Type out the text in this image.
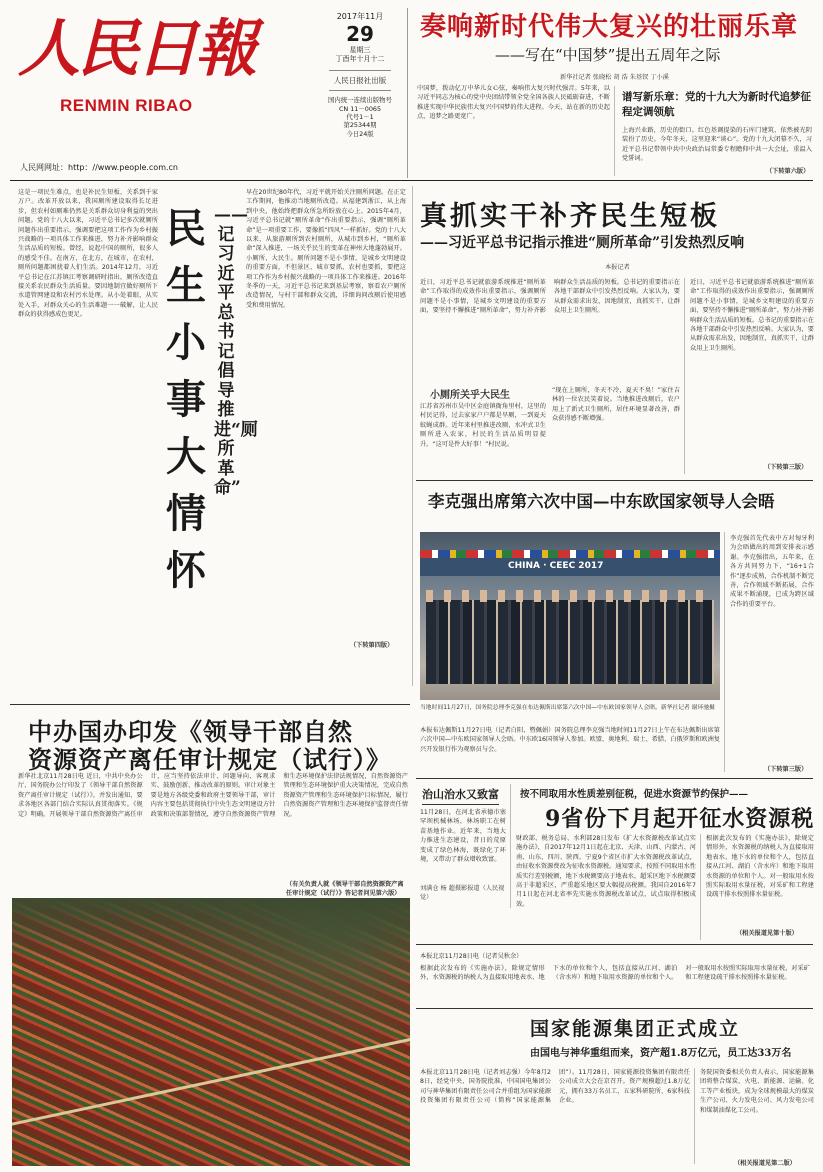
人民日報
RENMIN RIBAO
2017年11月
29
星期三
丁酉年十月十二
人民日报社出版
国内统一连续出版物号
CN 11－0065
代号1－1
第25344期
今日24版
人民网网址：http：//www.people.com.cn
奏响新时代伟大复兴的壮丽乐章
——写在“中国梦”提出五周年之际
新华社记者 张晓松 胡 浩 朱基钗 丁小溪
中国梦，拨动亿万中华儿女心弦，奏响伟大复兴时代强音。5年来，以习近平同志为核心的党中央团结带领全党全国各族人民砥砺奋进，不断推进实现中华民族伟大复兴中国梦的伟大进程。今天，站在新的历史起点，追梦之路更宽广。
谱写新乐章：党的十九大为新时代追梦征程定调领航
上海兴业路，历史的街口。红色基调提染的石库门建筑，依然被光阴装扮了历史。今年冬天，这里迎来“谈心”。党的十九大闭幕不久，习近平总书记带领中共中央政治局常委专程瞻仰中共一大会址，重温入党誓词。
（下转第六版）
这是一项民生难点，也是补民生短板，关系到千家万户。改革开放以来，我国厕所建设取得长足进步，但农村如厕难仍然是关系群众切身利益的突出问题。党的十八大以来，习近平总书记多次就厕所问题作出重要指示，强调要把这项工作作为乡村振兴战略的一项具体工作来推进，努力补齐影响群众生活品质的短板。曾经，说起中国的厕所，很多人的感受不佳。在南方，在北方，在城市，在农村，厕所问题都困扰着人们生活。2014年12月，习近平总书记在江苏镇江考察调研时指出，厕所改造直接关系农民群众生活质量。要因地制宜做好厕所下水道管网建设和农村污水处理。从小处着眼，从实处入手，对群众关心的生活难题一一破解，让人民群众的获得感成色更足。
民生小事大情怀
——记习近平总书记倡导推进“厕所革命”
早在20世纪80年代，习近平就开始关注厕所问题。在正定工作期间，他推动当地厕所改造。从福建到浙江，从上海到中央，他始终把群众所急所盼放在心上。2015年4月，习近平总书记就“厕所革命”作出重要指示，强调“厕所革命”是一项重要工作，要像抓“四风”一样抓好。党的十八大以来，从旅游厕所到农村厕所，从城市到乡村，“厕所革命”深入推进，一场关乎民生的变革在神州大地蓬勃展开。小厕所，大民生。厕所问题不是小事情，是城乡文明建设的重要方面，不但景区、城市要抓，农村也要抓，要把这项工作作为乡村振兴战略的一项具体工作来推进。2016年冬季的一天，习近平总书记来到基层考察，察看农户厕所改造情况，与村干部和群众交流，详细询问改厕后使用感受和费用情况。
（下转第四版）
真抓实干补齐民生短板
——习近平总书记指示推进“厕所革命”引发热烈反响
本报记者
近日，习近平总书记就旅游系统推进“厕所革命”工作取得的成效作出重要指示，强调厕所问题不是小事情，是城乡文明建设的重要方面，要坚持不懈推进“厕所革命”，努力补齐影响群众生活品质的短板。总书记的重要指示在各地干部群众中引发热烈反响。大家认为，要从群众需求出发，因地制宜，真抓实干，让群众用上卫生厕所。
小厕所关乎大民生
江苏省苏州市吴中区金庭镇衙角里村，这里的村民记得，过去家家户户都是旱厕，一到夏天蚊蝇成群。近年来村里推进改厕，水冲式卫生厕所进入农家，村民的生活品质明显提升。“这可是件大好事！”村民说。
“现在上厕所，冬天不冷，夏天不臭！”家住吉林的一位农民笑着说。当地推进改厕后，农户用上了新式卫生厕所，居住环境显著改善，群众获得感不断增强。
近日，习近平总书记就旅游系统推进“厕所革命”工作取得的成效作出重要指示，强调厕所问题不是小事情，是城乡文明建设的重要方面，要坚持不懈推进“厕所革命”，努力补齐影响群众生活品质的短板。总书记的重要指示在各地干部群众中引发热烈反响。大家认为，要从群众需求出发，因地制宜，真抓实干，让群众用上卫生厕所。
（下转第三版）
李克强出席第六次中国—中东欧国家领导人会晤
CHINA · CEEC 2017
当地时间11月27日，国务院总理李克强在布达佩斯出席第六次中国—中东欧国家领导人会晤。新华社记者 谢环驰摄
本报布达佩斯11月27日电（记者白阳、暨佩娟）国务院总理李克强当地时间11月27日上午在布达佩斯出席第六次中国—中东欧国家领导人会晤。中东欧16国领导人参加。欧盟、奥地利、瑞士、希腊、白俄罗斯和欧洲复兴开发银行作为观察员与会。
李克强首先代表中方对匈牙利为会晤做出的周到安排表示感谢。李克强指出，五年来，在各方共同努力下，“16+1合作”逐步成熟，合作机制不断完善，合作领域不断拓展，合作成果不断涌现，已成为跨区域合作的重要平台。
（下转第三版）
中办国办印发《领导干部自然
资源资产离任审计规定（试行）》
新华社北京11月28日电 近日，中共中央办公厅、国务院办公厅印发了《领导干部自然资源资产离任审计规定（试行）》，并发出通知，要求各地区各部门结合实际认真贯彻落实。《规定》明确，开展领导干部自然资源资产离任审计，应当坚持依法审计、问题导向、客观求实、鼓励创新、推动改革的原则。审计对象主要是地方各级党委和政府主要领导干部，审计内容主要包括贯彻执行中央生态文明建设方针政策和决策部署情况，遵守自然资源资产管理和生态环境保护法律法规情况，自然资源资产管理和生态环境保护重大决策情况，完成自然资源资产管理和生态环境保护目标情况，履行自然资源资产管理和生态环境保护监督责任情况。
（有关负责人就《领导干部自然资源资产离任审计规定（试行）》答记者问见第六版）
治山治水又致富 按不同取用水性质差别征税，促进水资源节约保护——
9省份下月起开征水资源税
11月28日，在河北省承德市塞罕坝机械林场，林场职工在树苗基地作业。近年来，当地大力推进生态建设，昔日的荒原变成了绿色林海，既绿化了环境，又带动了群众增收致富。
刘满仓 杨 超摄影报道（人民视觉）
财政部、税务总局、水利部28日发布《扩大水资源税改革试点实施办法》，自2017年12月1日起在北京、天津、山西、内蒙古、河南、山东、四川、陕西、宁夏9个省区市扩大水资源税改革试点，由征收水资源费改为征收水资源税。通知要求，按照不同取用水性质实行差别税额，地下水税额要高于地表水，超采区地下水税额要高于非超采区，严重超采地区要大幅提高税额。我国自2016年7月1日起在河北省率先实施水资源税改革试点，试点取得积极成效。
根据此次发布的《实施办法》，除规定情形外，水资源税的纳税人为直接取用地表水、地下水的单位和个人，包括直接从江河、湖泊（含水库）和地下取用水资源的单位和个人。对一般取用水按照实际取用水量征税，对采矿和工程建设疏干排水按照排水量征税。
（相关报道见第十版）
国家能源集团正式成立
由国电与神华重组而来，资产超1.8万亿元，员工达33万名
本报北京11月28日电（记者刘志强）今年8月28日，经党中央、国务院批准，中国国电集团公司与神华集团有限责任公司合并重组为国家能源投资集团有限责任公司（简称“国家能源集团”）。11月28日，国家能源投资集团有限责任公司成立大会在京召开。资产规模超过1.8万亿元，拥有33万名员工，五家科研院所、6家科技企业。
务院国资委相关负责人表示，国家能源集团将整合煤炭、火电、新能源、运输、化工等产业板块，成为全球规模最大的煤炭生产公司、火力发电公司、风力发电公司和煤制油煤化工公司。
（相关报道见第二版）
本报北京11月28日电（记者吴秋余）
根据此次发布的《实施办法》，除规定情形外，水资源税的纳税人为直接取用地表水、地下水的单位和个人，包括直接从江河、湖泊（含水库）和地下取用水资源的单位和个人。对一般取用水按照实际取用水量征税，对采矿和工程建设疏干排水按照排水量征税。
